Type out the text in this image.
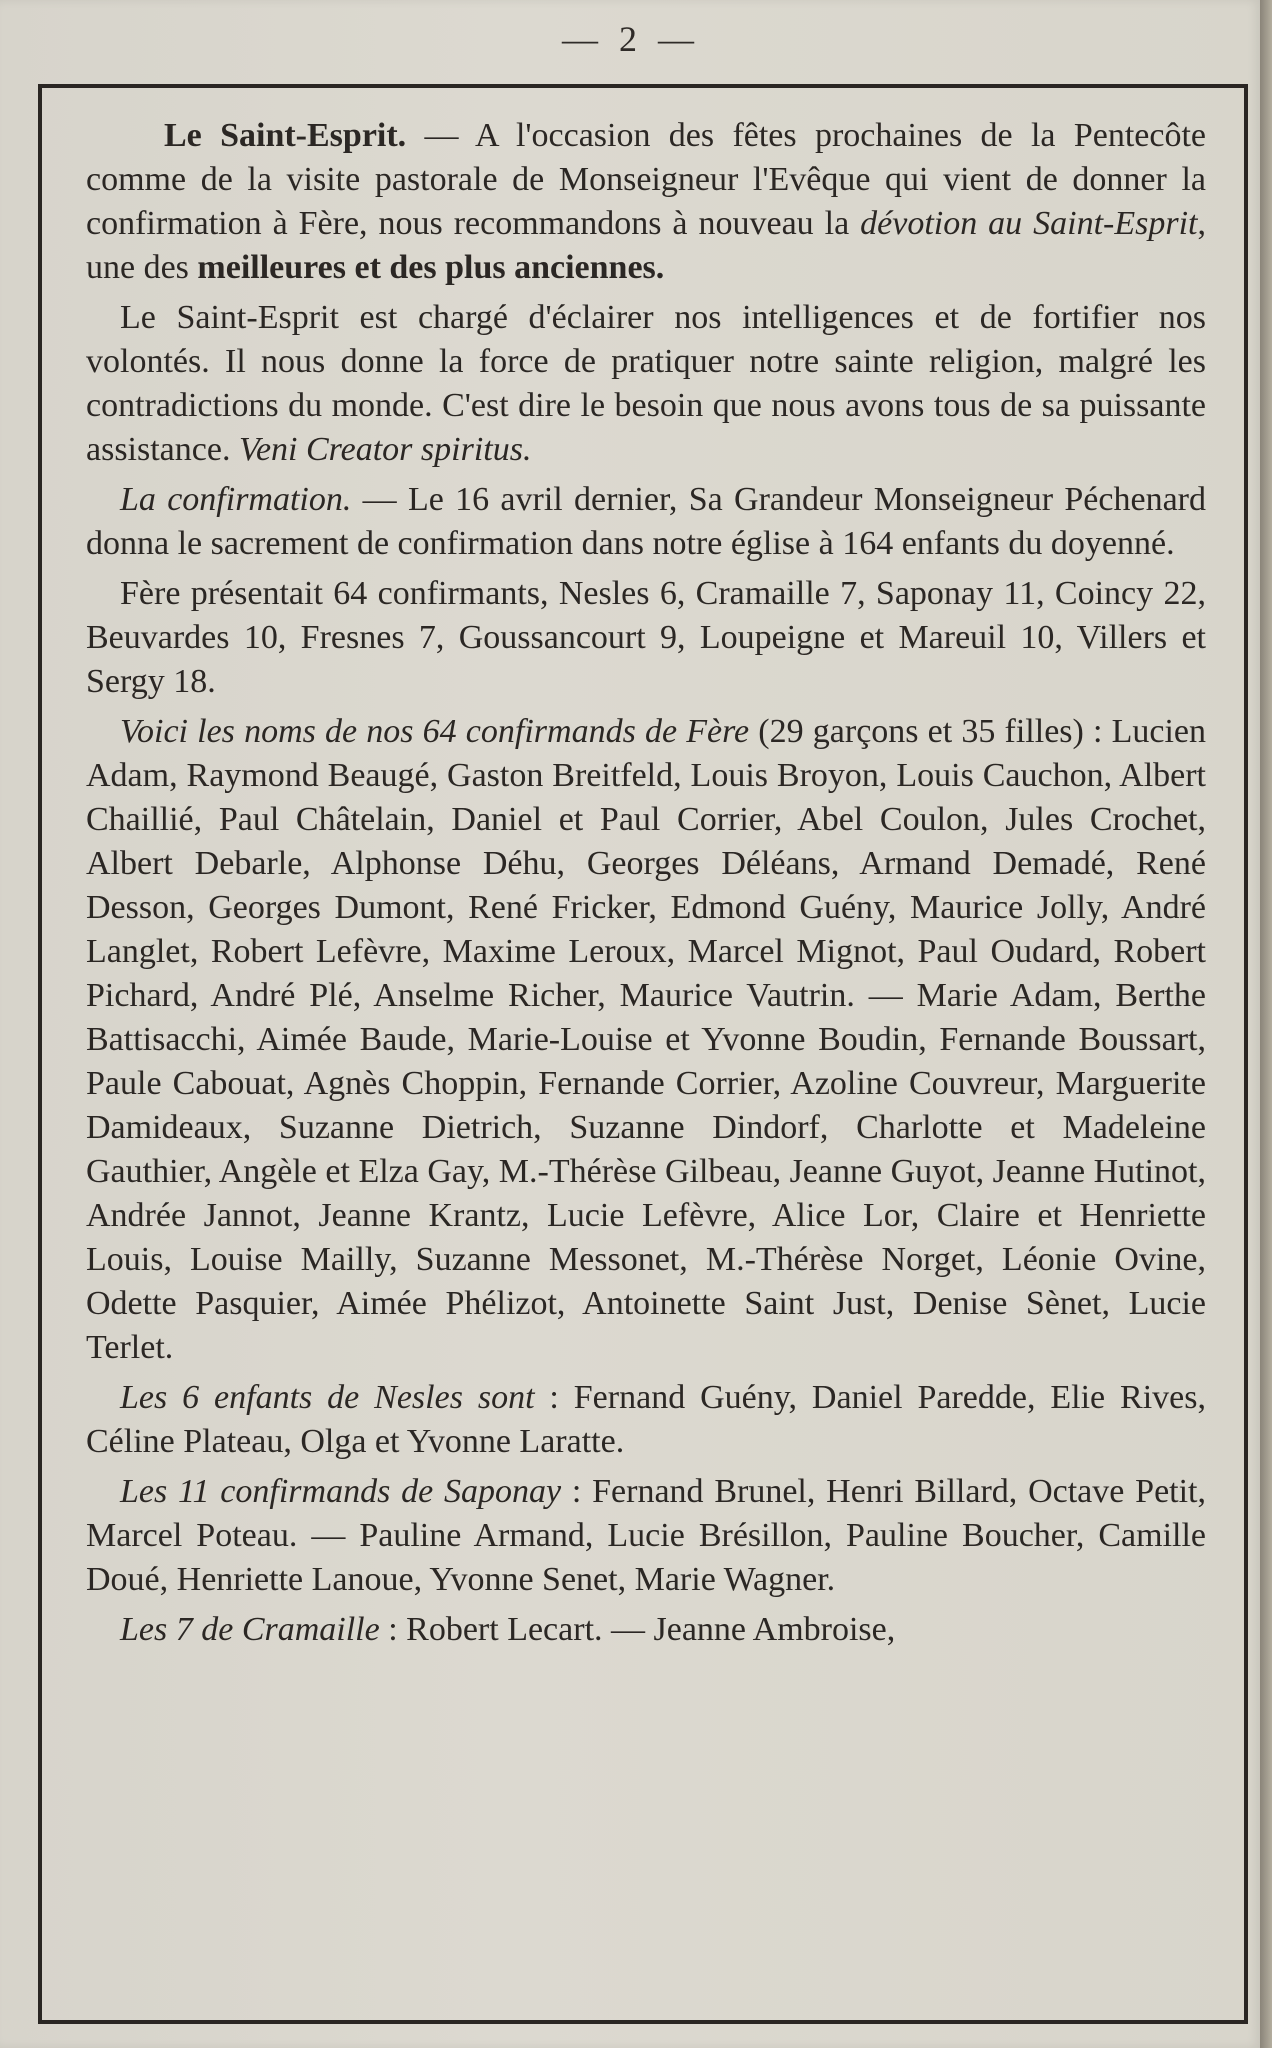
— 2 —

Le Saint-Esprit. — A l'occasion des fêtes prochaines de la Pentecôte comme de la visite pastorale de Monseigneur l'Evêque qui vient de donner la confirmation à Fère, nous recommandons à nouveau la dévotion au Saint-Esprit, une des meilleures et des plus anciennes.

Le Saint-Esprit est chargé d'éclairer nos intelligences et de fortifier nos volontés. Il nous donne la force de pratiquer notre sainte religion, malgré les contradictions du monde. C'est dire le besoin que nous avons tous de sa puissante assistance. Veni Creator spiritus.

La confirmation. — Le 16 avril dernier, Sa Grandeur Monseigneur Péchenard donna le sacrement de confirmation dans notre église à 164 enfants du doyenné.

Fère présentait 64 confirmants, Nesles 6, Cramaille 7, Saponay 11, Coincy 22, Beuvardes 10, Fresnes 7, Goussancourt 9, Loupeigne et Mareuil 10, Villers et Sergy 18.

Voici les noms de nos 64 confirmands de Fère (29 garçons et 35 filles) : Lucien Adam, Raymond Beaugé, Gaston Breitfeld, Louis Broyon, Louis Cauchon, Albert Chaillié, Paul Châtelain, Daniel et Paul Corrier, Abel Coulon, Jules Crochet, Albert Debarle, Alphonse Déhu, Georges Déléans, Armand Demadé, René Desson, Georges Dumont, René Fricker, Edmond Guény, Maurice Jolly, André Langlet, Robert Lefèvre, Maxime Leroux, Marcel Mignot, Paul Oudard, Robert Pichard, André Plé, Anselme Richer, Maurice Vautrin. — Marie Adam, Berthe Battisacchi, Aimée Baude, Marie-Louise et Yvonne Boudin, Fernande Boussart, Paule Cabouat, Agnès Choppin, Fernande Corrier, Azoline Couvreur, Marguerite Damideaux, Suzanne Dietrich, Suzanne Dindorf, Charlotte et Madeleine Gauthier, Angèle et Elza Gay, M.-Thérèse Gilbeau, Jeanne Guyot, Jeanne Hutinot, Andrée Jannot, Jeanne Krantz, Lucie Lefèvre, Alice Lor, Claire et Henriette Louis, Louise Mailly, Suzanne Messonet, M.-Thérèse Norget, Léonie Ovine, Odette Pasquier, Aimée Phélizot, Antoinette Saint Just, Denise Sènet, Lucie Terlet.

Les 6 enfants de Nesles sont : Fernand Guény, Daniel Paredde, Elie Rives, Céline Plateau, Olga et Yvonne Laratte.

Les 11 confirmands de Saponay : Fernand Brunel, Henri Billard, Octave Petit, Marcel Poteau. — Pauline Armand, Lucie Brésillon, Pauline Boucher, Camille Doué, Henriette Lanoue, Yvonne Senet, Marie Wagner.

Les 7 de Cramaille : Robert Lecart. — Jeanne Ambroise,
